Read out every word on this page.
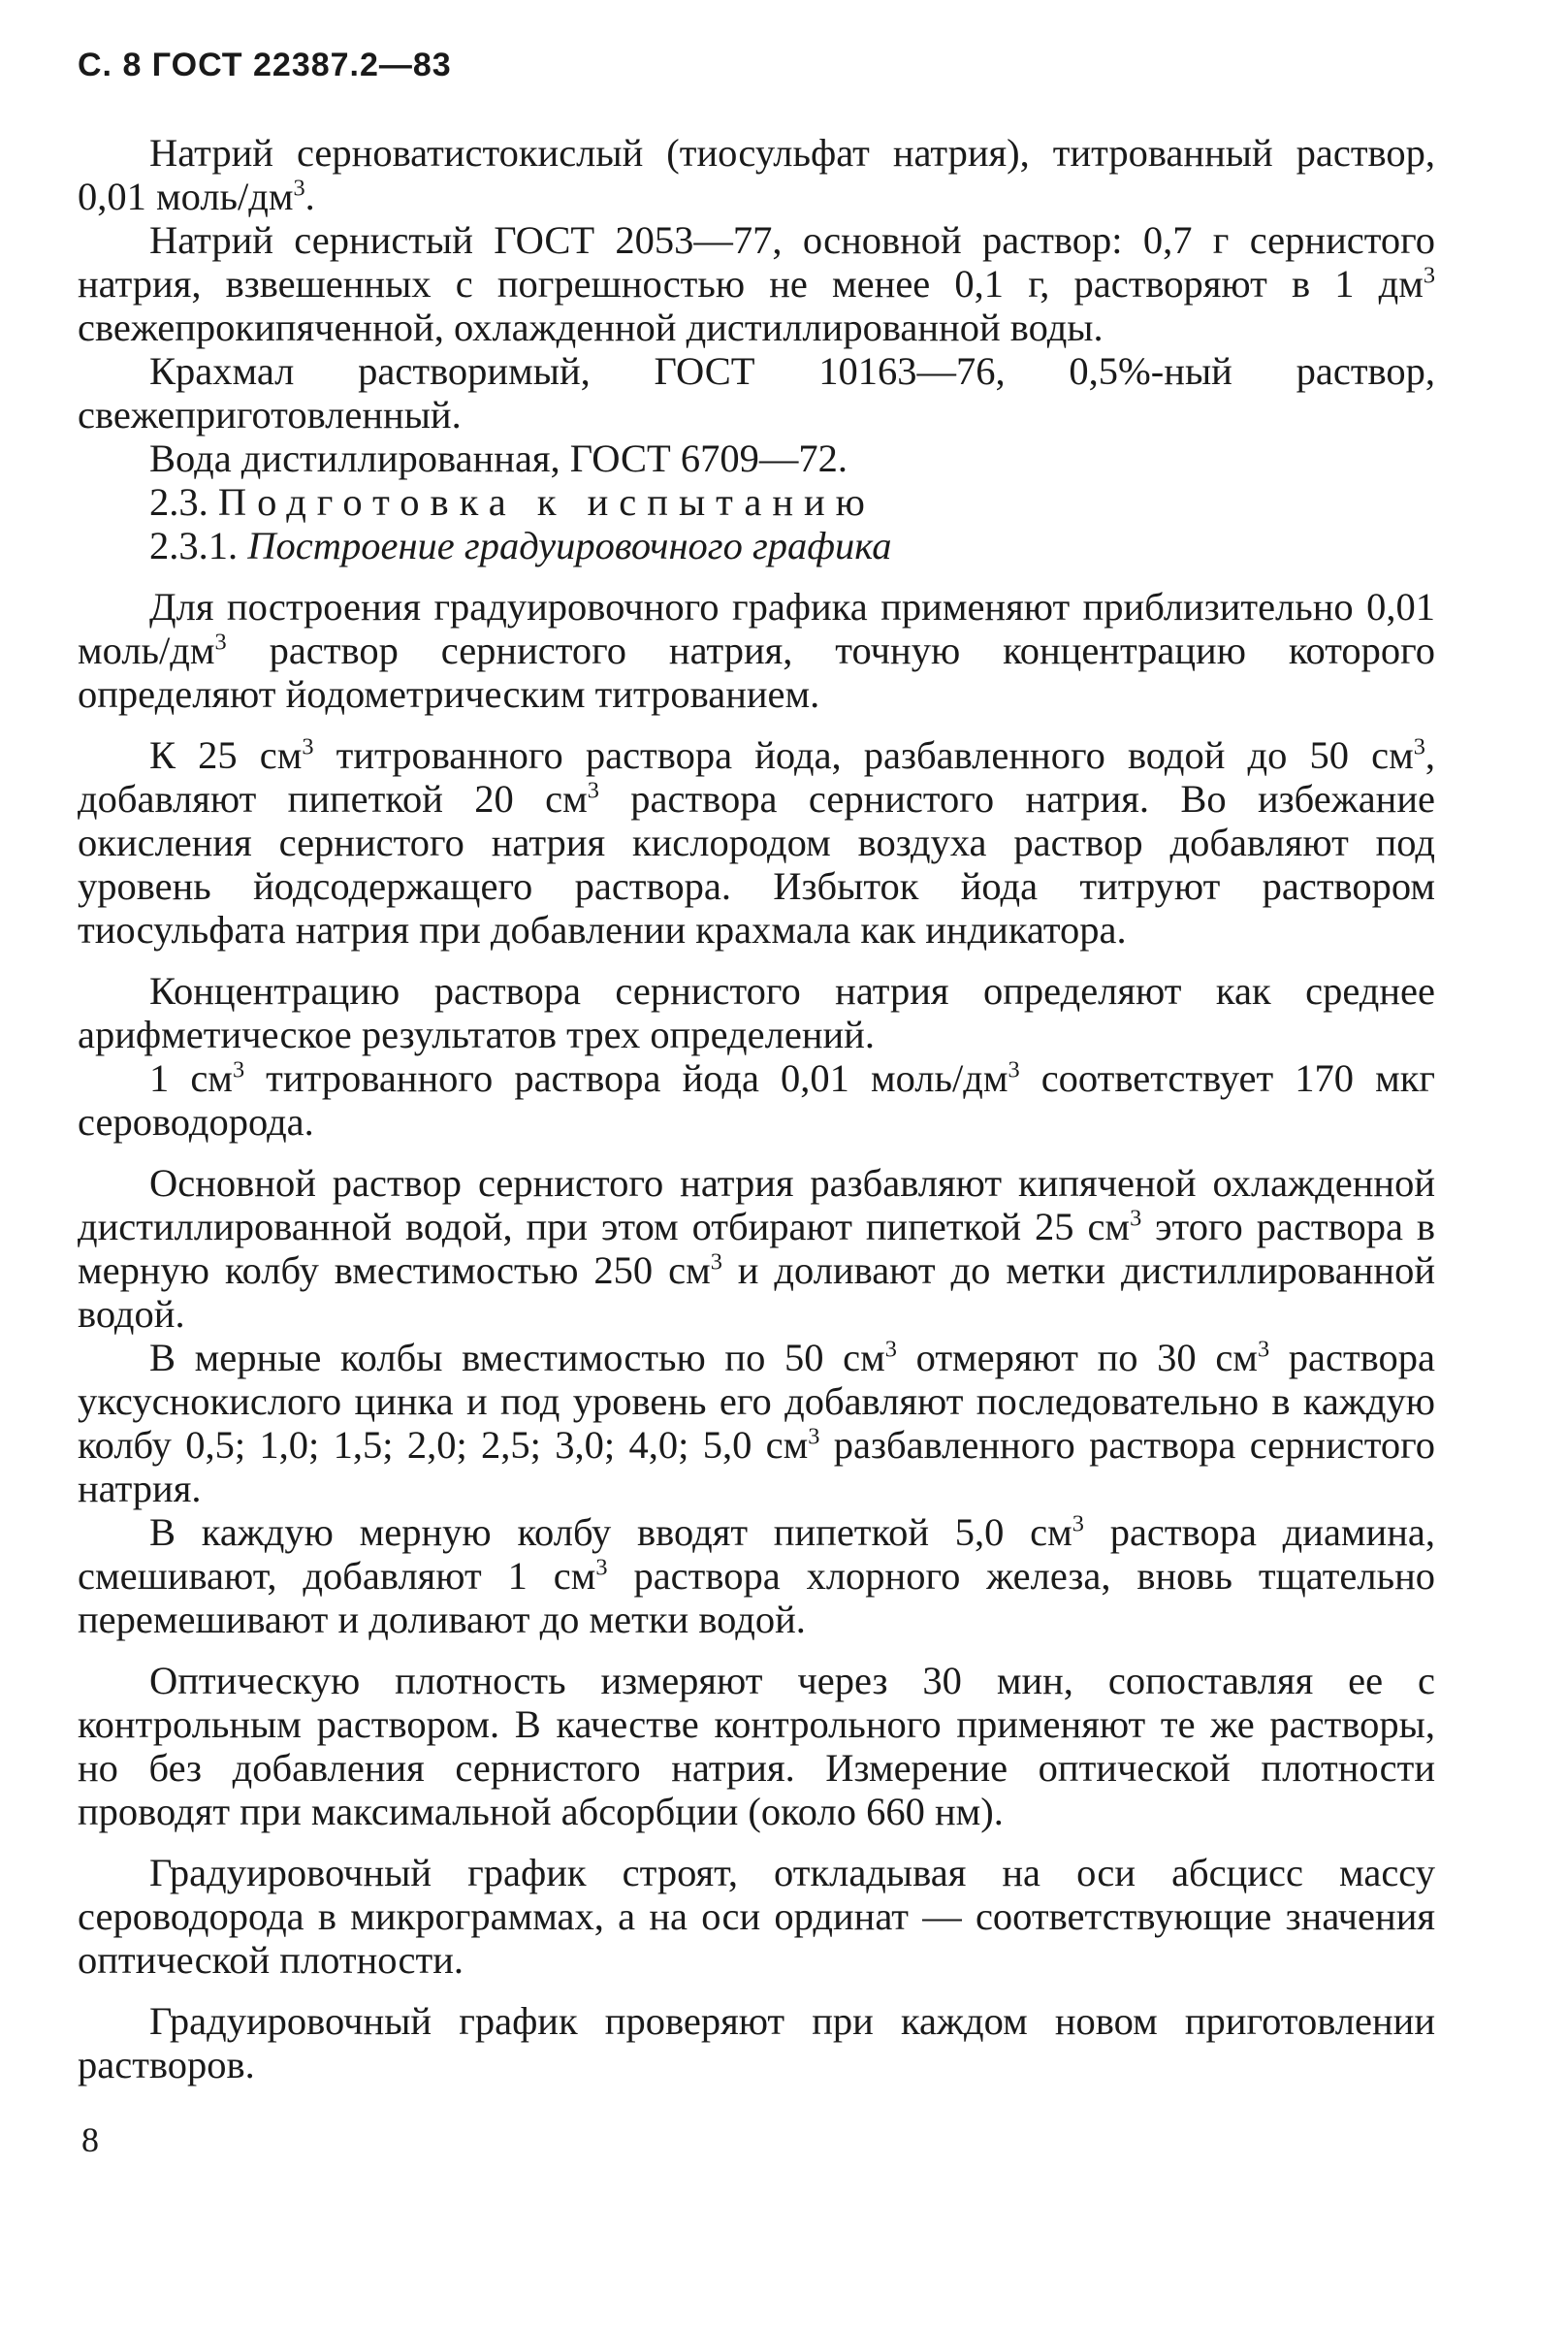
С. 8 ГОСТ 22387.2—83

Натрий серноватистокислый (тиосульфат натрия), титрованный раствор, 0,01 моль/$дм^3$.

Натрий сернистый ГОСТ 2053—77, основной раствор: 0,7 г сернистого натрия, взвешенных с погрешностью не менее 0,1 г, растворяют в 1 $дм^3$ свежепрокипяченной, охлажденной дистиллированной воды.

Крахмал растворимый, ГОСТ 10163—76, 0,5%-ный раствор, свежеприготовленный.

Вода дистиллированная, ГОСТ 6709—72.

2.3. Подготовка к испытанию

2.3.1. Построение градуировочного графика

Для построения градуировочного графика применяют приблизительно 0,01 моль/$дм^3$ раствор сернистого натрия, точную концентрацию которого определяют йодометрическим титрованием.

К 25 $см^3$ титрованного раствора йода, разбавленного водой до 50 $см^3$, добавляют пипеткой 20 $см^3$ раствора сернистого натрия. Во избежание окисления сернистого натрия кислородом воздуха раствор добавляют под уровень йодсодержащего раствора. Избыток йода титруют раствором тиосульфата натрия при добавлении крахмала как индикатора.

Концентрацию раствора сернистого натрия определяют как среднее арифметическое результатов трех определений.

1 $см^3$ титрованного раствора йода 0,01 моль/$дм^3$ соответствует 170 мкг сероводорода.

Основной раствор сернистого натрия разбавляют кипяченой охлажденной дистиллированной водой, при этом отбирают пипеткой 25 $см^3$ этого раствора в мерную колбу вместимостью 250 $см^3$ и доливают до метки дистиллированной водой.

В мерные колбы вместимостью по 50 $см^3$ отмеряют по 30 $см^3$ раствора уксуснокислого цинка и под уровень его добавляют последовательно в каждую колбу 0,5; 1,0; 1,5; 2,0; 2,5; 3,0; 4,0; 5,0 $см^3$ разбавленного раствора сернистого натрия.

В каждую мерную колбу вводят пипеткой 5,0 $см^3$ раствора диамина, смешивают, добавляют 1 $см^3$ раствора хлорного железа, вновь тщательно перемешивают и доливают до метки водой.

Оптическую плотность измеряют через 30 мин, сопоставляя ее с контрольным раствором. В качестве контрольного применяют те же растворы, но без добавления сернистого натрия. Измерение оптической плотности проводят при максимальной абсорбции (около 660 нм).

Градуировочный график строят, откладывая на оси абсцисс массу сероводорода в микрограммах, а на оси ординат — соответствующие значения оптической плотности.

Градуировочный график проверяют при каждом новом приготовлении растворов.

8
